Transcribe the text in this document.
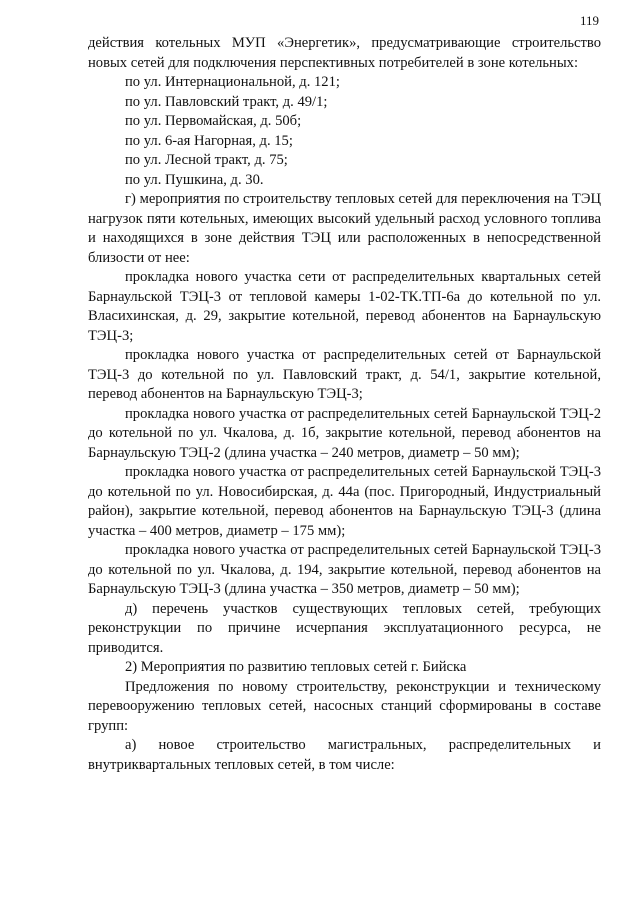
119

действия котельных МУП «Энергетик», предусматривающие строительство новых сетей для подключения перспективных потребителей в зоне котельных:

по ул. Интернациональной, д. 121;

по ул. Павловский тракт, д. 49/1;

по ул. Первомайская, д. 50б;

по ул. 6-ая Нагорная, д. 15;

по ул. Лесной тракт, д. 75;

по ул. Пушкина, д. 30.

г) мероприятия по строительству тепловых сетей для переключения на ТЭЦ нагрузок пяти котельных, имеющих высокий удельный расход условного топлива и находящихся в зоне действия ТЭЦ или расположенных в непосредственной близости от нее:

прокладка нового участка сети от распределительных квартальных сетей Барнаульской ТЭЦ-3 от тепловой камеры 1-02-ТК.ТП-6а до котельной по ул. Власихинская, д. 29, закрытие котельной, перевод абонентов на Барнаульскую ТЭЦ-3;

прокладка нового участка от распределительных сетей от Барнаульской ТЭЦ-3 до котельной по ул. Павловский тракт, д. 54/1, закрытие котельной, перевод абонентов на Барнаульскую ТЭЦ-3;

прокладка нового участка от распределительных сетей Барнаульской ТЭЦ-2 до котельной по ул. Чкалова, д. 1б, закрытие котельной, перевод абонентов на Барнаульскую ТЭЦ-2 (длина участка – 240 метров, диаметр – 50 мм);

прокладка нового участка от распределительных сетей Барнаульской ТЭЦ-3 до котельной по ул. Новосибирская, д. 44а (пос. Пригородный, Индустриальный район), закрытие котельной, перевод абонентов на Барнаульскую ТЭЦ-3 (длина участка – 400 метров, диаметр – 175 мм);

прокладка нового участка от распределительных сетей Барнаульской ТЭЦ-3 до котельной по ул. Чкалова, д. 194, закрытие котельной, перевод абонентов на Барнаульскую ТЭЦ-3 (длина участка – 350 метров, диаметр – 50 мм);

д) перечень участков существующих тепловых сетей, требующих реконструкции по причине исчерпания эксплуатационного ресурса, не приводится.

2) Мероприятия по развитию тепловых сетей г. Бийска

Предложения по новому строительству, реконструкции и техническому перевооружению тепловых сетей, насосных станций сформированы в составе групп:

а) новое строительство магистральных, распределительных и внутриквартальных тепловых сетей, в том числе:
